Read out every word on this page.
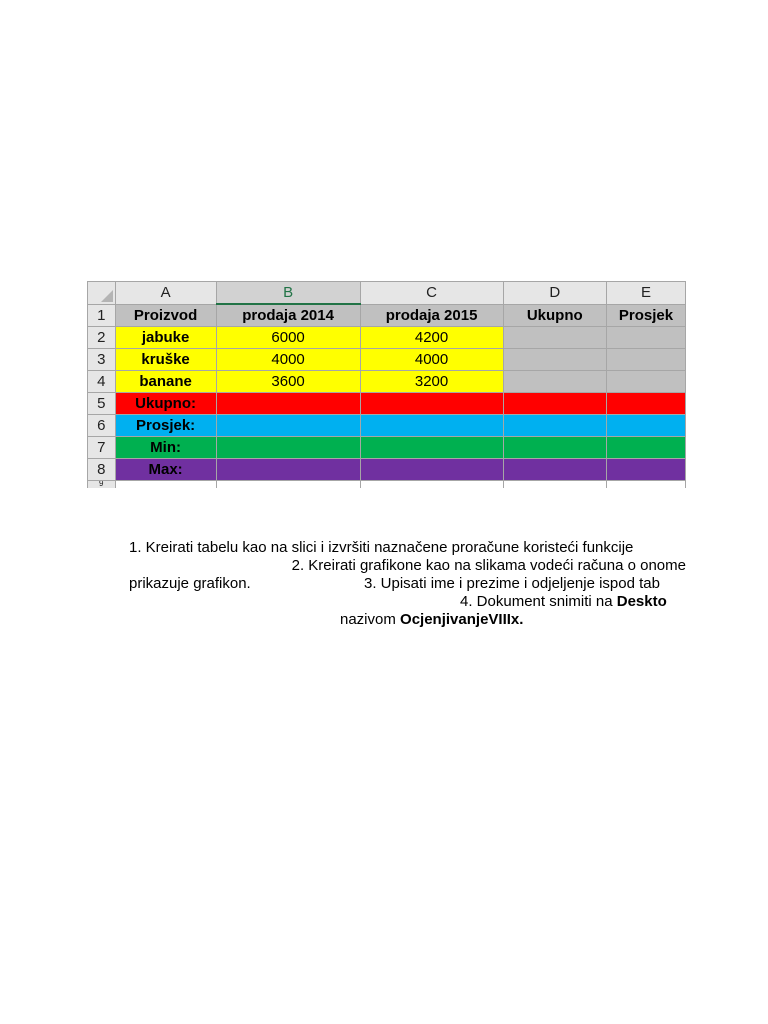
	A	B	C	D	E
1	Proizvod	prodaja 2014	prodaja 2015	Ukupno	Prosjek
2	jabuke	6000	4200		
3	kruške	4000	4000		
4	banane	3600	3200		
5	Ukupno:				
6	Prosjek:				
7	Min:				
8	Max:				
9					
1. Kreirati tabelu kao na slici i izvršiti naznačene proračune koristeći funkcije
2. Kreirati grafikone kao na slikama vodeći računa o onome
prikazuje grafikon.	3. Upisati ime i prezime i odjeljenje ispod tab
4. Dokument snimiti na Deskto
nazivom OcjenjivanjeVIIIx.
